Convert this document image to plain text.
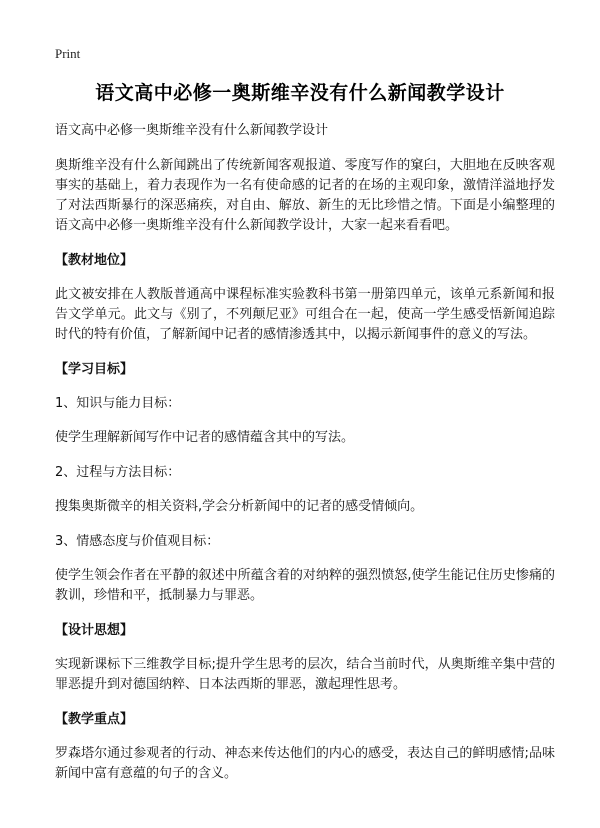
Print
语文高中必修一奥斯维辛没有什么新闻教学设计
语文高中必修一奥斯维辛没有什么新闻教学设计
奥斯维辛没有什么新闻跳出了传统新闻客观报道、零度写作的窠臼，大胆地在反映客观事实的基础上，着力表现作为一名有使命感的记者的在场的主观印象，激情洋溢地抒发了对法西斯暴行的深恶痛疾，对自由、解放、新生的无比珍惜之情。下面是小编整理的语文高中必修一奥斯维辛没有什么新闻教学设计，大家一起来看看吧。
【教材地位】
此文被安排在人教版普通高中课程标准实验教科书第一册第四单元，该单元系新闻和报告文学单元。此文与《别了，不列颠尼亚》可组合在一起，使高一学生感受悟新闻追踪时代的特有价值，了解新闻中记者的感情渗透其中，以揭示新闻事件的意义的写法。
【学习目标】
1、知识与能力目标：
使学生理解新闻写作中记者的感情蕴含其中的写法。
2、过程与方法目标：
搜集奥斯微辛的相关资料,学会分析新闻中的记者的感受情倾向。
3、情感态度与价值观目标：
使学生领会作者在平静的叙述中所蕴含着的对纳粹的强烈愤怒,使学生能记住历史惨痛的教训，珍惜和平，抵制暴力与罪恶。
【设计思想】
实现新课标下三维教学目标;提升学生思考的层次，结合当前时代，从奥斯维辛集中营的罪恶提升到对德国纳粹、日本法西斯的罪恶，激起理性思考。
【教学重点】
罗森塔尔通过参观者的行动、神态来传达他们的内心的感受，表达自己的鲜明感情;品味新闻中富有意蕴的句子的含义。
